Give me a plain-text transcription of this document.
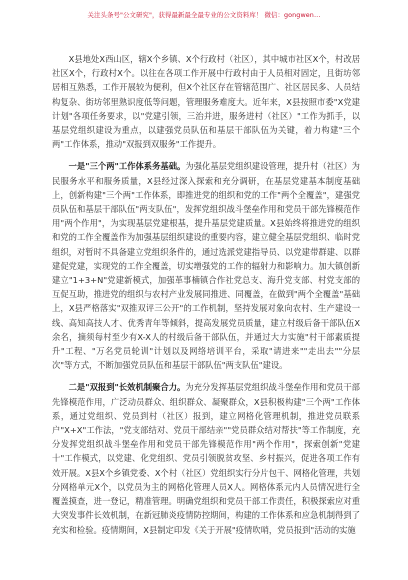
关注头条号"公文研究"，获得最新最全最专业的公文资料库！ 微信：gongwen…

X县地处X西山区，辖X个乡镇、X个行政村（社区），其中城市社区X个，村改居社区X个，行政村X个。以往在各项工作开展中行政村由于人员相对固定，且街坊邻居相互熟悉，工作开展较为便利，但X个社区存在管辖范围广、社区居民多、人员结构复杂、街坊邻里熟识度低等问题，管理服务难度大。近年来，X县按照市委"X党建计划"各项任务要求，以"党建引领，三治并进，服务进村（社区）"工作为抓手，以基层党组织建设为重点，以建强党员队伍和基层干部队伍为关键，着力构建"三个两"工作体系，推动"双报到双服务"工作提升。

一是"三个两"工作体系务基础。为强化基层党组织建设管理，提升村（社区）为民服务水平和服务质量，X县经过深入探索和充分调研，在基层党建基本制度基础上，创新构建"三个两"工作体系，即推进党的组织和党的工作"两个全覆盖"，建强党员队伍和基层干部队伍"两支队伍"，发挥党组织战斗堡垒作用和党员干部先锋模范作用"两个作用"，为实现基层党建根基，提升基层党建质量。X县始终将推进党的组织和党的工作全覆盖作为加强基层组织建设的重要内容，建立健全基层党组织、临时党组织，对暂时不具备建立党组织条件的，通过选派党建指导员、以党建带群建、以群建促党建，实现党的工作全覆盖，切实增强党的工作的辐射力和影响力。加大镇创新建立"1+3+N"党建新模式，加强革事楠镇合作社党总支、海升党支部、村党支部的互促互助，推进党的组织与农村产业发展同推进、同覆盖，在做到"两个全覆盖"基础上，X县严格落实"双推双评三公开"的工作机制，坚持发展对象向农村、生产建设一线、高知高技人才、优秀青年等倾斜，提高发展党员质量，建立村级后备干部队伍X余名，摘须每村至少有X-X人的村级后备干部队伍，并通过大力实施"村干部素质提升"工程、"万名党员轮训"计划以及网络培训平台，采取"请进来""走出去""分层次"等方式，不断加强党员队伍和基层干部队伍"两支队伍"建设。

二是"双报到"长效机制聚合力。为充分发挥基层党组织战斗堡垒作用和党员干部先锋模范作用，广泛动员群众、组织群众、凝聚群众，X县积极构建"三个两"工作体系，通过党组织、党员到村（社区）报到，建立网格化管理机制，推进党员联系户"X+X"工作法，"党支部结对、党员干部结亲""党员群众结对帮扶"等工作制度，充分发挥党组织战斗堡垒作用和党员干部先锋模范作用"两个作用"，探索创新"党建十"工作模式，以党建、化党组织、党员引领脱贫攻坚、乡村振兴，促进各项工作有效开展。X县X个乡镇党委、X个村（社区）党组织实行分片包干、网格化管理，共划分网格单元X个，以党员为主的网格化管理人员X人。网格体系元内人员情况进行全覆盖摸查，进一登记，精准管理。明确党组织和党员干部工作责任，积极探索应对重大突发事件长效机制，在新冠肺炎疫情防控期间，构建的工作体系和应急机制得到了充实和检验。疫情期间，X县制定印发《关于开展"疫情吹哨，党员报到"活动的实施
